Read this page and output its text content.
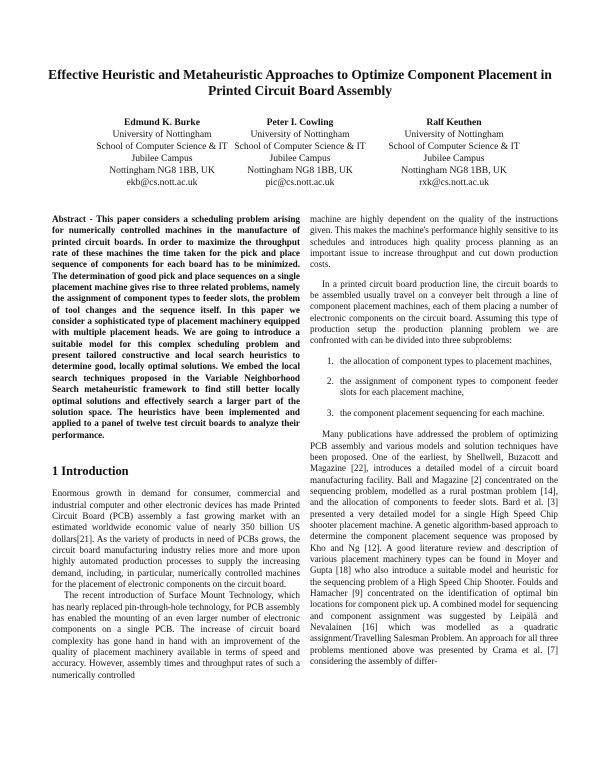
Effective Heuristic and Metaheuristic Approaches to Optimize Component Placement in Printed Circuit Board Assembly
Edmund K. Burke
University of Nottingham
School of Computer Science & IT
Jubilee Campus
Nottingham NG8 1BB, UK
ekb@cs.nott.ac.uk
Peter I. Cowling
University of Nottingham
School of Computer Science & IT
Jubilee Campus
Nottingham NG8 1BB, UK
pic@cs.nott.ac.uk
Ralf Keuthen
University of Nottingham
School of Computer Science & IT
Jubilee Campus
Nottingham NG8 1BB, UK
rxk@cs.nott.ac.uk

Abstract - This paper considers a scheduling problem arising for numerically controlled machines in the manufacture of printed circuit boards. In order to maximize the throughput rate of these machines the time taken for the pick and place sequence of components for each board has to be minimized. The determination of good pick and place sequences on a single placement machine gives rise to three related problems, namely the assignment of component types to feeder slots, the problem of tool changes and the sequence itself. In this paper we consider a sophisticated type of placement machinery equipped with multiple placement heads. We are going to introduce a suitable model for this complex scheduling problem and present tailored constructive and local search heuristics to determine good, locally optimal solutions. We embed the local search techniques proposed in the Variable Neighborhood Search metaheuristic framework to find still better locally optimal solutions and effectively search a larger part of the solution space. The heuristics have been implemented and applied to a panel of twelve test circuit boards to analyze their performance.

1 Introduction

Enormous growth in demand for consumer, commercial and industrial computer and other electronic devices has made Printed Circuit Board (PCB) assembly a fast growing market with an estimated worldwide economic value of nearly 350 billion US dollars[21]. As the variety of products in need of PCBs grows, the circuit board manufacturing industry relies more and more upon highly automated production processes to supply the increasing demand, including, in particular, numerically controlled machines for the placement of electronic components on the circuit board.

The recent introduction of Surface Mount Technology, which has nearly replaced pin-through-hole technology, for PCB assembly has enabled the mounting of an even larger number of electronic components on a single PCB. The increase of circuit board complexity has gone hand in hand with an improvement of the quality of placement machinery available in terms of speed and accuracy. However, assembly times and throughput rates of such a numerically controlled

machine are highly dependent on the quality of the instructions given. This makes the machine's performance highly sensitive to its schedules and introduces high quality process planning as an important issue to increase throughput and cut down production costs.

In a printed circuit board production line, the circuit boards to be assembled usually travel on a conveyer belt through a line of component placement machines, each of them placing a number of electronic components on the circuit board. Assuming this type of production setup the production planning problem we are confronted with can be divided into three subproblems:

1. the allocation of component types to placement machines,
2. the assignment of component types to component feeder slots for each placement machine,
3. the component placement sequencing for each machine.

Many publications have addressed the problem of optimizing PCB assembly and various models and solution techniques have been proposed. One of the earliest, by Shellwell, Buzacott and Magazine [22], introduces a detailed model of a circuit board manufacturing facility. Ball and Magazine [2] concentrated on the sequencing problem, modelled as a rural postman problem [14], and the allocation of components to feeder slots. Bard et al. [3] presented a very detailed model for a single High Speed Chip shooter placement machine. A genetic algorithm-based approach to determine the component placement sequence was proposed by Kho and Ng [12]. A good literature review and description of various placement machinery types can be found in Moyer and Gupta [18] who also introduce a suitable model and heuristic for the sequencing problem of a High Speed Chip Shooter. Foulds and Hamacher [9] concentrated on the identification of optimal bin locations for component pick up. A combined model for sequencing and component assignment was suggested by Leipälä and Nevalainen [16] which was modelled as a quadratic assignment/Travelling Salesman Problem. An approach for all three problems mentioned above was presented by Crama et al. [7] considering the assembly of differ-
